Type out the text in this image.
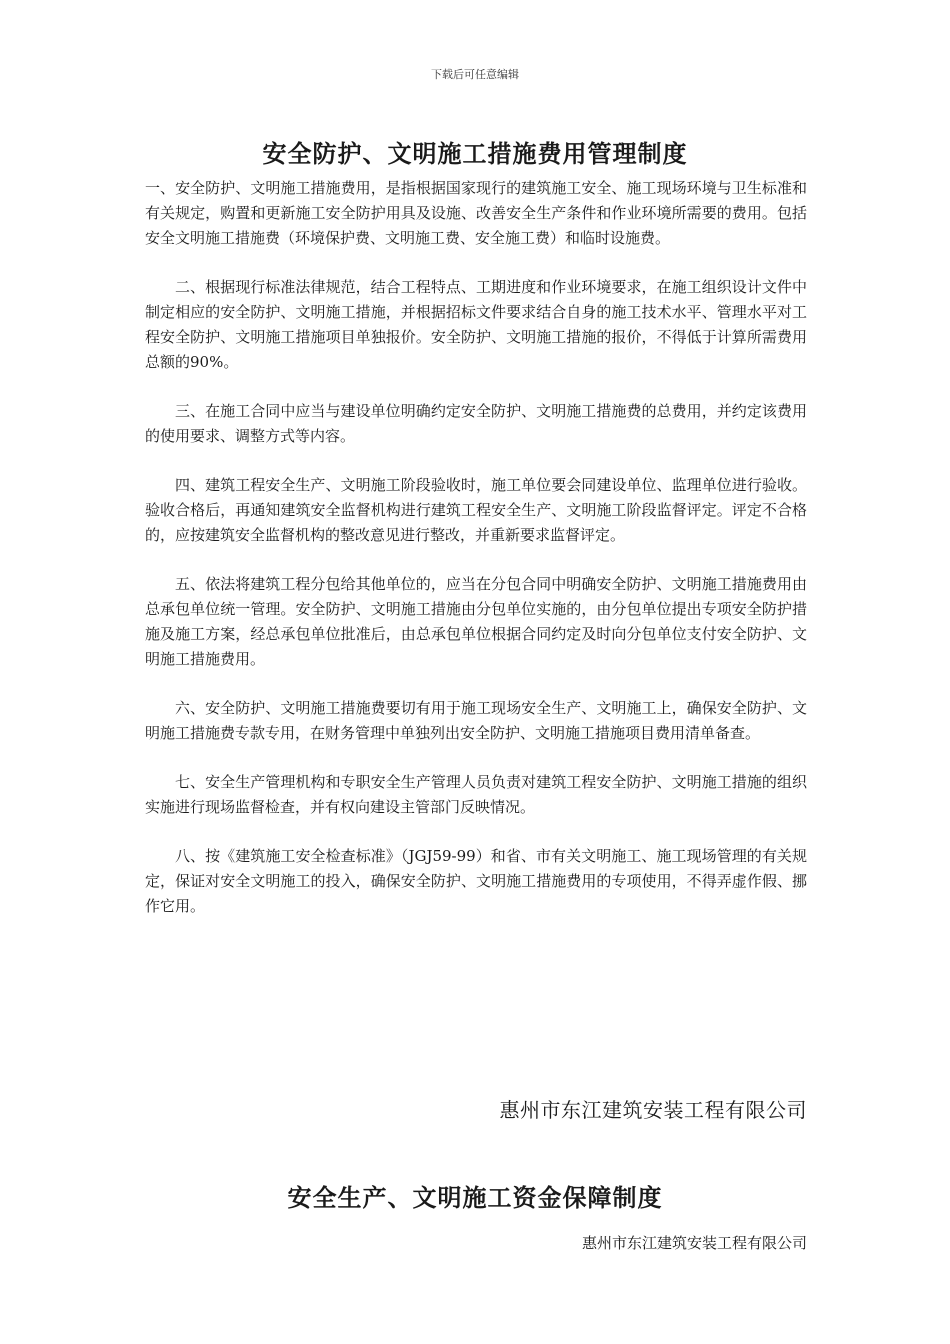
下载后可任意编辑
安全防护、文明施工措施费用管理制度

一、安全防护、文明施工措施费用，是指根据国家现行的建筑施工安全、施工现场环境与卫生标准和有关规定，购置和更新施工安全防护用具及设施、改善安全生产条件和作业环境所需要的费用。包括安全文明施工措施费（环境保护费、文明施工费、安全施工费）和临时设施费。

二、根据现行标准法律规范，结合工程特点、工期进度和作业环境要求，在施工组织设计文件中制定相应的安全防护、文明施工措施，并根据招标文件要求结合自身的施工技术水平、管理水平对工程安全防护、文明施工措施项目单独报价。安全防护、文明施工措施的报价，不得低于计算所需费用总额的90%。

三、在施工合同中应当与建设单位明确约定安全防护、文明施工措施费的总费用，并约定该费用的使用要求、调整方式等内容。

四、建筑工程安全生产、文明施工阶段验收时，施工单位要会同建设单位、监理单位进行验收。验收合格后，再通知建筑安全监督机构进行建筑工程安全生产、文明施工阶段监督评定。评定不合格的，应按建筑安全监督机构的整改意见进行整改，并重新要求监督评定。

五、依法将建筑工程分包给其他单位的，应当在分包合同中明确安全防护、文明施工措施费用由总承包单位统一管理。安全防护、文明施工措施由分包单位实施的，由分包单位提出专项安全防护措施及施工方案，经总承包单位批准后，由总承包单位根据合同约定及时向分包单位支付安全防护、文明施工措施费用。

六、安全防护、文明施工措施费要切有用于施工现场安全生产、文明施工上，确保安全防护、文明施工措施费专款专用，在财务管理中单独列出安全防护、文明施工措施项目费用清单备查。

七、安全生产管理机构和专职安全生产管理人员负责对建筑工程安全防护、文明施工措施的组织实施进行现场监督检查，并有权向建设主管部门反映情况。

八、按《建筑施工安全检查标准》（JGJ59-99）和省、市有关文明施工、施工现场管理的有关规定，保证对安全文明施工的投入，确保安全防护、文明施工措施费用的专项使用，不得弄虚作假、挪作它用。

惠州市东江建筑安装工程有限公司
安全生产、文明施工资金保障制度
惠州市东江建筑安装工程有限公司
